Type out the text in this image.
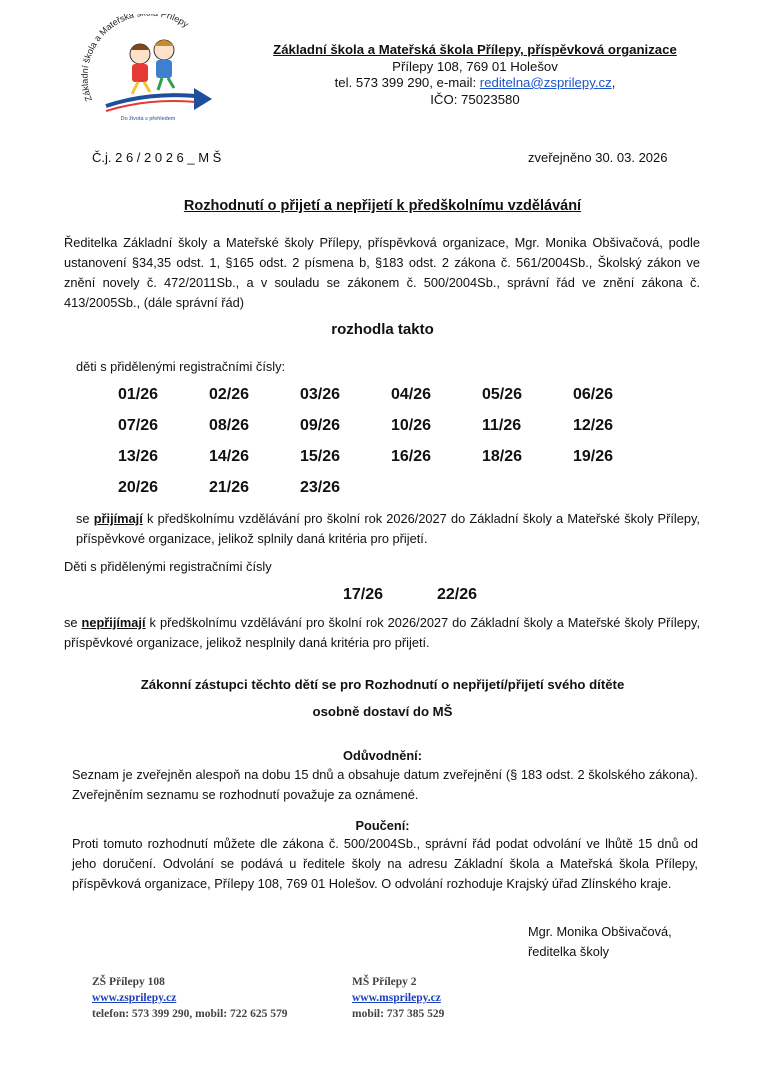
Základní škola a Mateřská Přílepy
Do života s přehledem
Základní škola a Mateřská škola Přílepy, příspěvková organizace
Přílepy 108, 769 01 Holešov
tel. 573 399 290, e-mail: reditelna@zsprilepy.cz,
IČO: 75023580
Č.j. 2 6 / 2 0 2 6 _ M Š	zveřejněno 30. 03. 2026
Rozhodnutí o přijetí a nepřijetí k předškolnímu vzdělávání
Ředitelka Základní školy a Mateřské školy Přílepy, příspěvková organizace, Mgr. Monika Obšivačová, podle ustanovení §34,35 odst. 1, §165 odst. 2 písmena b, §183 odst. 2 zákona č. 561/2004Sb., Školský zákon ve znění novely č. 472/2011Sb., a v souladu se zákonem č. 500/2004Sb., správní řád ve znění zákona č. 413/2005Sb., (dále správní řád)
rozhodla takto
děti s přidělenými registračními čísly:
01/26	02/26	03/26	04/26	05/26	06/26
07/26	08/26	09/26	10/26	11/26	12/26
13/26	14/26	15/26	16/26	18/26	19/26
20/26	21/26	23/26
se přijímají k předškolnímu vzdělávání pro školní rok 2026/2027 do Základní školy a Mateřské školy Přílepy, příspěvkové organizace, jelikož splnily daná kritéria pro přijetí.
Děti s přidělenými registračními čísly
17/26	22/26
se nepřijímají k předškolnímu vzdělávání pro školní rok 2026/2027 do Základní školy a Mateřské školy Přílepy, příspěvkové organizace, jelikož nesplnily daná kritéria pro přijetí.
Zákonní zástupci těchto dětí se pro Rozhodnutí o nepřijetí/přijetí svého dítěte
osobně dostaví do MŠ
Odůvodnění:
Seznam je zveřejněn alespoň na dobu 15 dnů a obsahuje datum zveřejnění (§ 183 odst. 2 školského zákona). Zveřejněním seznamu se rozhodnutí považuje za oznámené.
Poučení:
Proti tomuto rozhodnutí můžete dle zákona č. 500/2004Sb., správní řád podat odvolání ve lhůtě 15 dnů od jeho doručení. Odvolání se podává u ředitele školy na adresu Základní škola a Mateřská škola Přílepy, příspěvková organizace, Přílepy 108, 769 01 Holešov. O odvolání rozhoduje Krajský úřad Zlínského kraje.
Mgr. Monika Obšivačová,
ředitelka školy
ZŠ Přílepy 108
www.zsprilepy.cz
telefon: 573 399 290, mobil: 722 625 579
MŠ Přílepy 2
www.msprilepy.cz
mobil: 737 385 529
